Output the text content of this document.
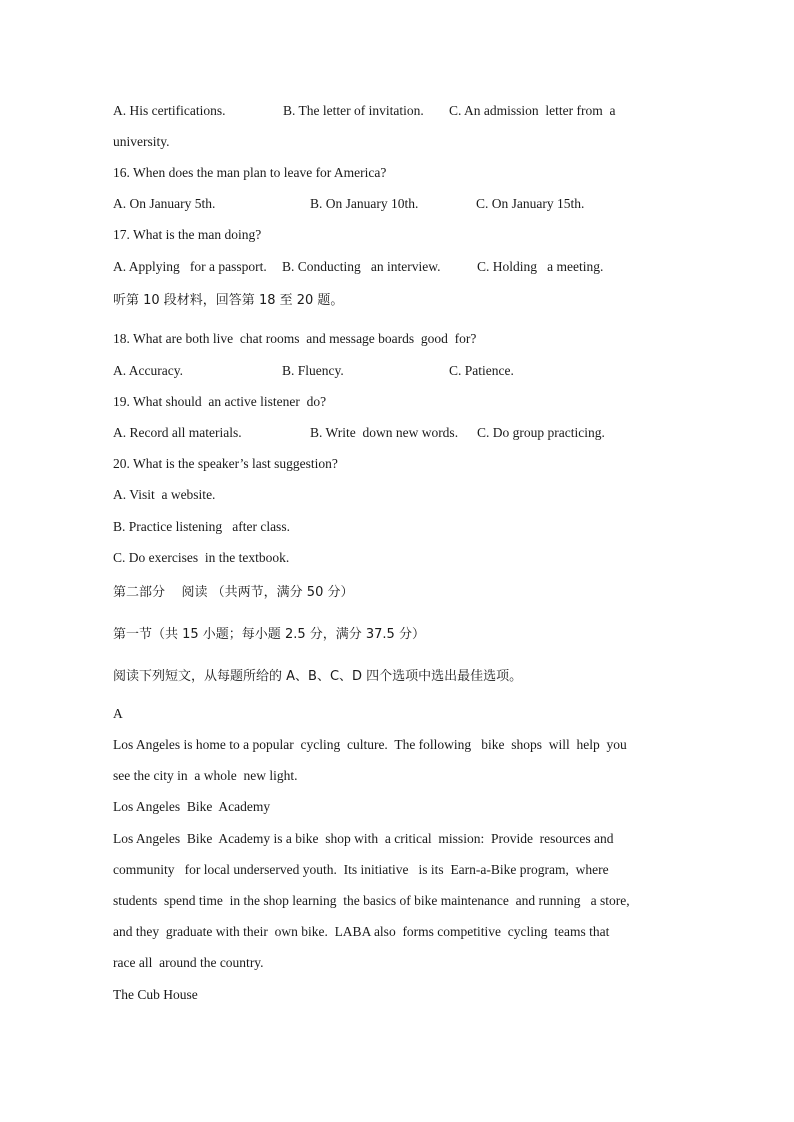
A. His certifications.	B. The letter of invitation. C. An admission  letter from  a
university.
16. When does the man plan to leave for America?
A. On January 5th.	B. On January 10th.	C. On January 15th.
17. What is the man doing?
A. Applying   for a passport. B. Conducting   an interview.	C. Holding   a meeting.
听第 10 段材料，回答第 18 至 20 题。
18. What are both live  chat rooms  and message boards  good  for?
A. Accuracy.	B. Fluency.	C. Patience.
19. What should  an active listener  do?
A. Record all materials.	B. Write  down new words. C. Do group practicing.
20. What is the speaker’s last suggestion?
A. Visit  a website.
B. Practice listening   after class.
C. Do exercises  in the textbook.
第二部分    阅读 （共两节，满分 50 分）
第一节（共 15 小题；每小题 2.5 分，满分 37.5 分）
阅读下列短文，从每题所给的 A、B、C、D 四个选项中选出最佳选项。
A
Los Angeles is home to a popular  cycling  culture.  The following   bike  shops  will  help  you
see the city in  a whole  new light.
Los Angeles  Bike  Academy
Los Angeles  Bike  Academy is a bike  shop with  a critical  mission:  Provide  resources and
community   for local underserved youth.  Its initiative   is its  Earn-a-Bike program,  where
students  spend time  in the shop learning  the basics of bike maintenance  and running   a store,
and they  graduate with their  own bike.  LABA also  forms competitive  cycling  teams that
race all  around the country.
The Cub House
